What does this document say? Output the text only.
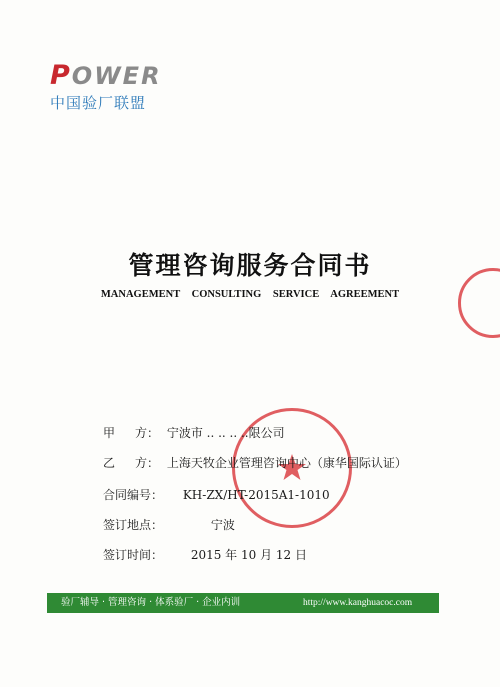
POWER
中国验厂联盟
管理咨询服务合同书
MANAGEMENT CONSULTING SERVICE AGREEMENT
甲 方： 宁波市 .. .. .. ..限公司
乙 方： 上海天牧企业管理咨询中心（康华国际认证）
合同编号： KH-ZX/HT-2015A1-1010
签订地点：	宁波
签订时间： 2015 年 10 月 12 日
验厂辅导 · 管理咨询 · 体系验厂 · 企业内训	http://www.kanghuacoc.com
